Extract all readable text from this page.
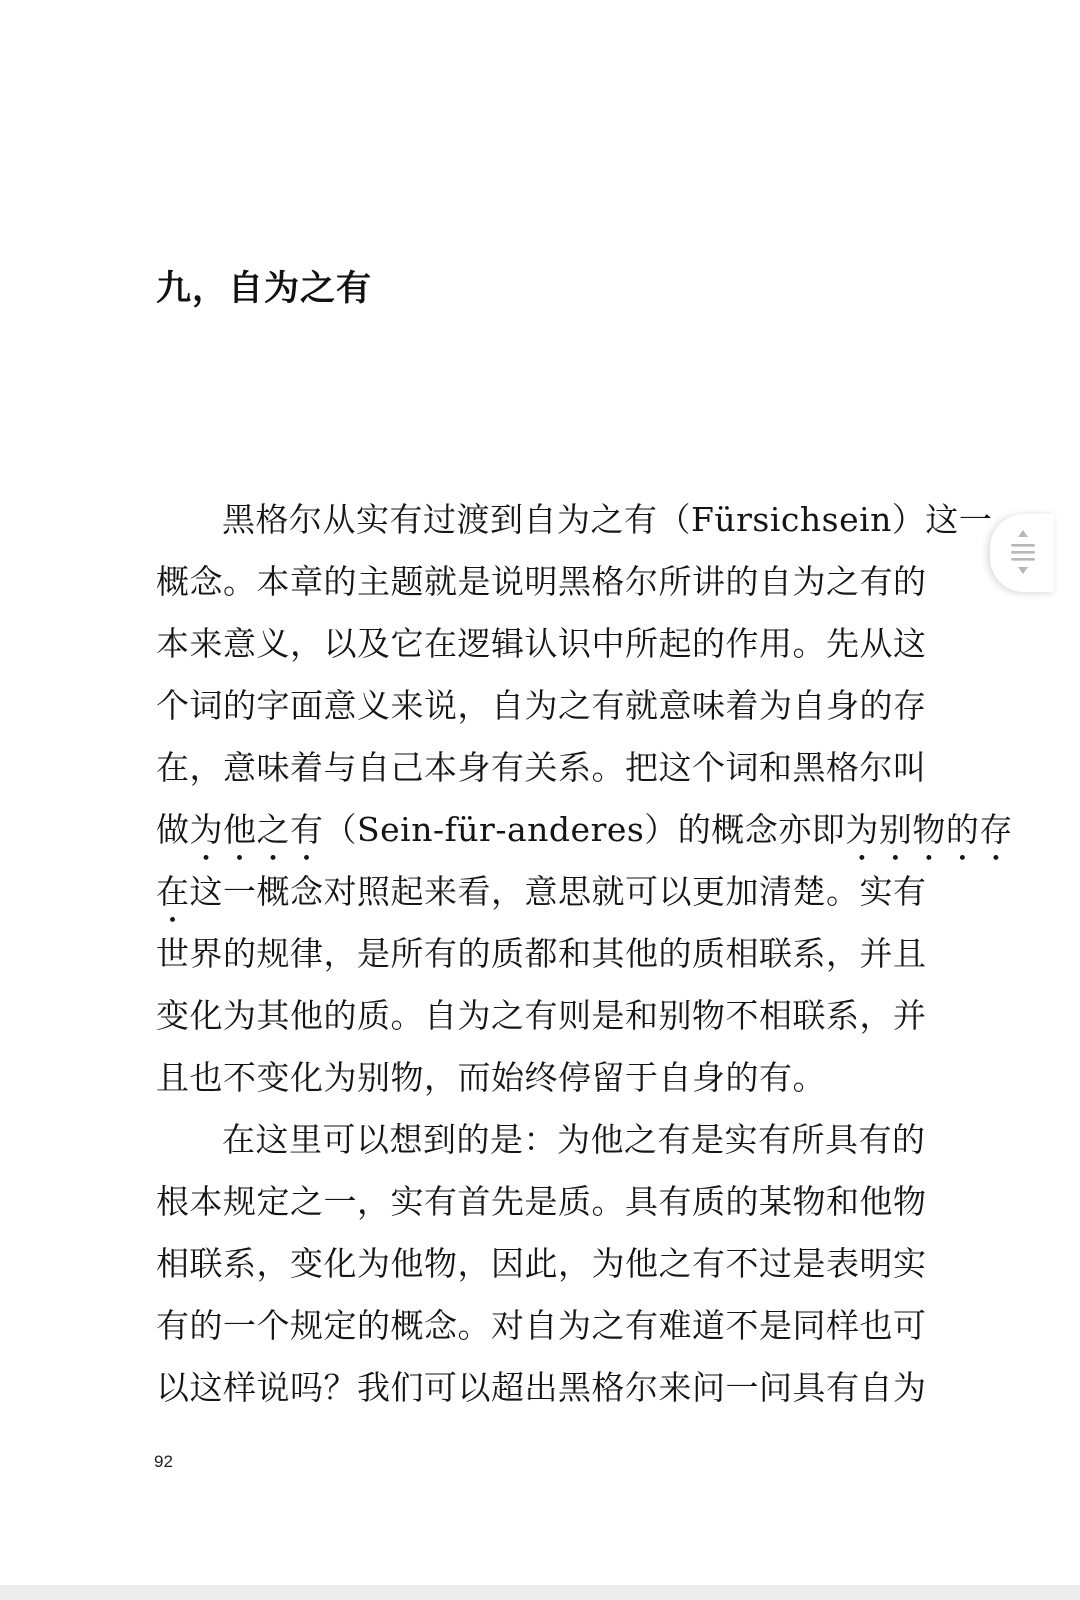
九，自为之有
黑格尔从实有过渡到自为之有（Fürsichsein）这一
概念。本章的主题就是说明黑格尔所讲的自为之有的
本来意义，以及它在逻辑认识中所起的作用。先从这
个词的字面意义来说，自为之有就意味着为自身的存
在，意味着与自己本身有关系。把这个词和黑格尔叫
做为他之有（Sein-für-anderes）的概念亦即为别物的存
在这一概念对照起来看，意思就可以更加清楚。实有
世界的规律，是所有的质都和其他的质相联系，并且
变化为其他的质。自为之有则是和别物不相联系，并
且也不变化为别物，而始终停留于自身的有。
在这里可以想到的是：为他之有是实有所具有的
根本规定之一，实有首先是质。具有质的某物和他物
相联系，变化为他物，因此，为他之有不过是表明实
有的一个规定的概念。对自为之有难道不是同样也可
以这样说吗？我们可以超出黑格尔来问一问具有自为
92
